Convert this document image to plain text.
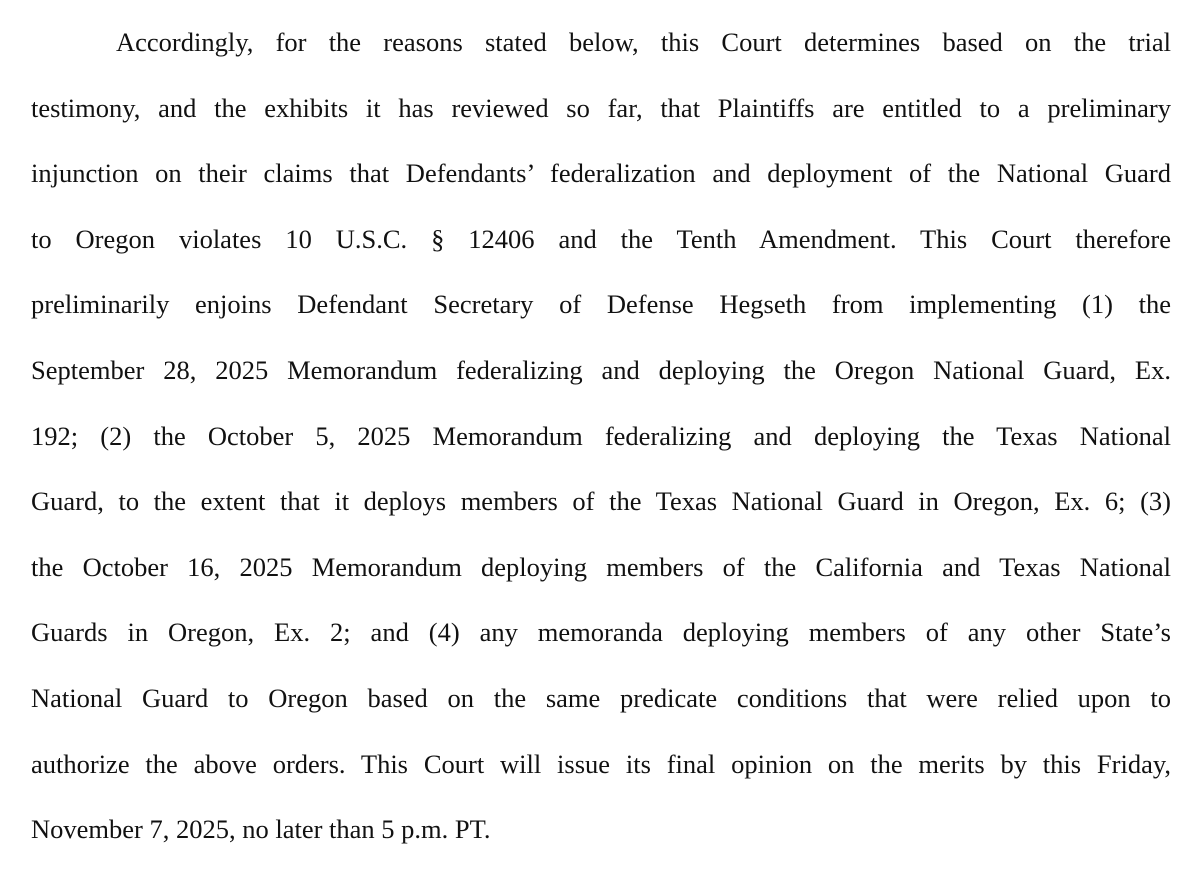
Accordingly, for the reasons stated below, this Court determines based on the trial
testimony, and the exhibits it has reviewed so far, that Plaintiffs are entitled to a preliminary
injunction on their claims that Defendants’ federalization and deployment of the National Guard
to Oregon violates 10 U.S.C. § 12406 and the Tenth Amendment. This Court therefore
preliminarily enjoins Defendant Secretary of Defense Hegseth from implementing (1) the
September 28, 2025 Memorandum federalizing and deploying the Oregon National Guard, Ex.
192; (2) the October 5, 2025 Memorandum federalizing and deploying the Texas National
Guard, to the extent that it deploys members of the Texas National Guard in Oregon, Ex. 6; (3)
the October 16, 2025 Memorandum deploying members of the California and Texas National
Guards in Oregon, Ex. 2; and (4) any memoranda deploying members of any other State’s
National Guard to Oregon based on the same predicate conditions that were relied upon to
authorize the above orders. This Court will issue its final opinion on the merits by this Friday,
November 7, 2025, no later than 5 p.m. PT.
